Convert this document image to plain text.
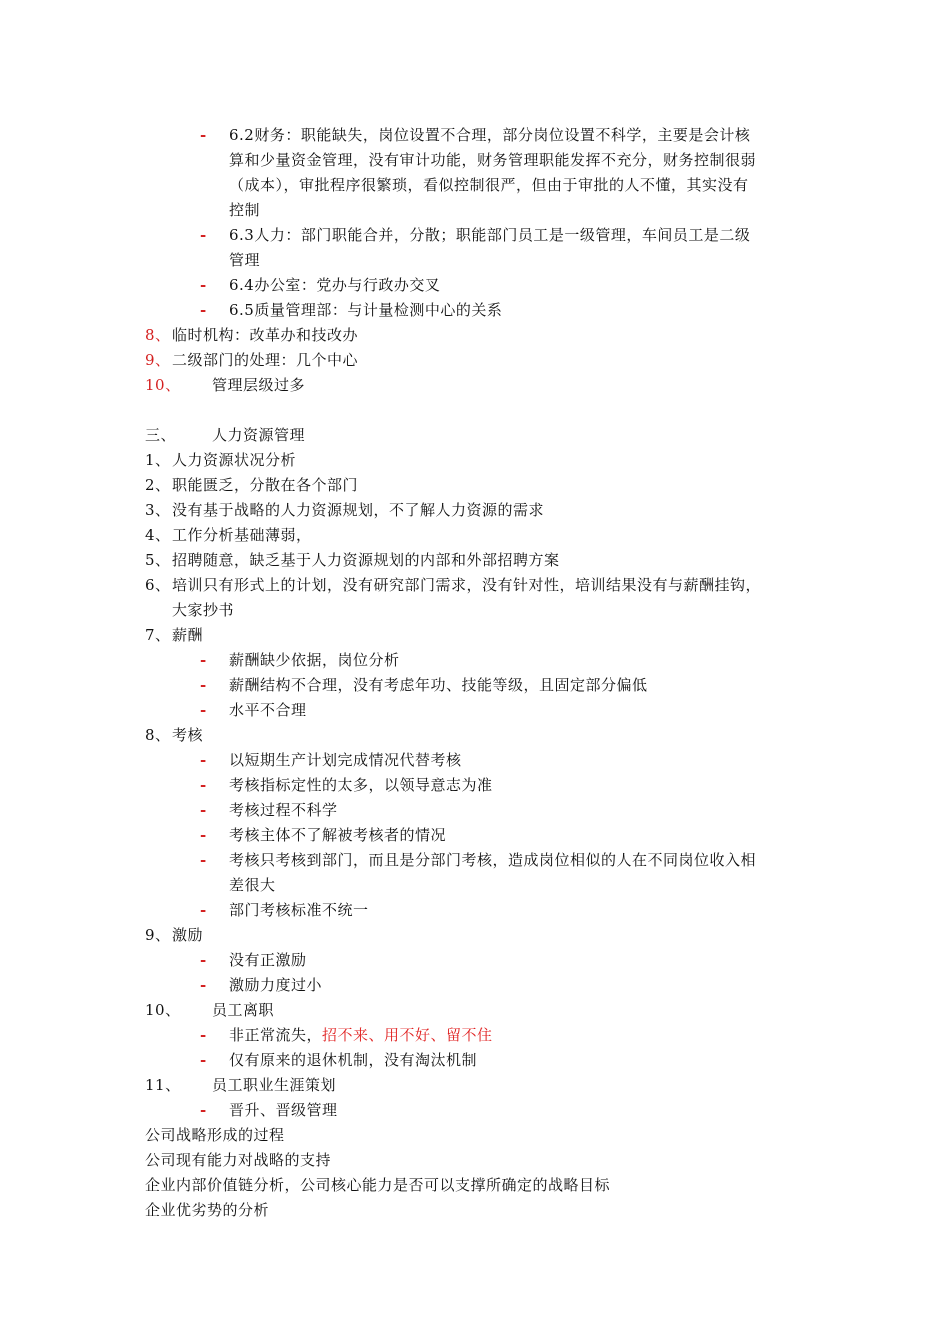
- 6.2财务：职能缺失，岗位设置不合理，部分岗位设置不科学，主要是会计核
算和少量资金管理，没有审计功能，财务管理职能发挥不充分，财务控制很弱
（成本），审批程序很繁琐，看似控制很严，但由于审批的人不懂，其实没有
控制
- 6.3人力：部门职能合并，分散；职能部门员工是一级管理，车间员工是二级
管理
- 6.4办公室：党办与行政办交叉
- 6.5质量管理部：与计量检测中心的关系
8、 临时机构：改革办和技改办
9、 二级部门的处理：几个中心
10、 管理层级过多
三、 人力资源管理
1、 人力资源状况分析
2、 职能匮乏，分散在各个部门
3、 没有基于战略的人力资源规划，不了解人力资源的需求
4、 工作分析基础薄弱，
5、 招聘随意，缺乏基于人力资源规划的内部和外部招聘方案
6、 培训只有形式上的计划，没有研究部门需求，没有针对性，培训结果没有与薪酬挂钩，
大家抄书
7、 薪酬
- 薪酬缺少依据，岗位分析
- 薪酬结构不合理，没有考虑年功、技能等级，且固定部分偏低
- 水平不合理
8、 考核
- 以短期生产计划完成情况代替考核
- 考核指标定性的太多，以领导意志为准
- 考核过程不科学
- 考核主体不了解被考核者的情况
- 考核只考核到部门，而且是分部门考核，造成岗位相似的人在不同岗位收入相
差很大
- 部门考核标准不统一
9、 激励
- 没有正激励
- 激励力度过小
10、 员工离职
- 非正常流失，招不来、用不好、留不住
- 仅有原来的退休机制，没有淘汰机制
11、 员工职业生涯策划
- 晋升、晋级管理
公司战略形成的过程
公司现有能力对战略的支持
企业内部价值链分析，公司核心能力是否可以支撑所确定的战略目标
企业优劣势的分析
